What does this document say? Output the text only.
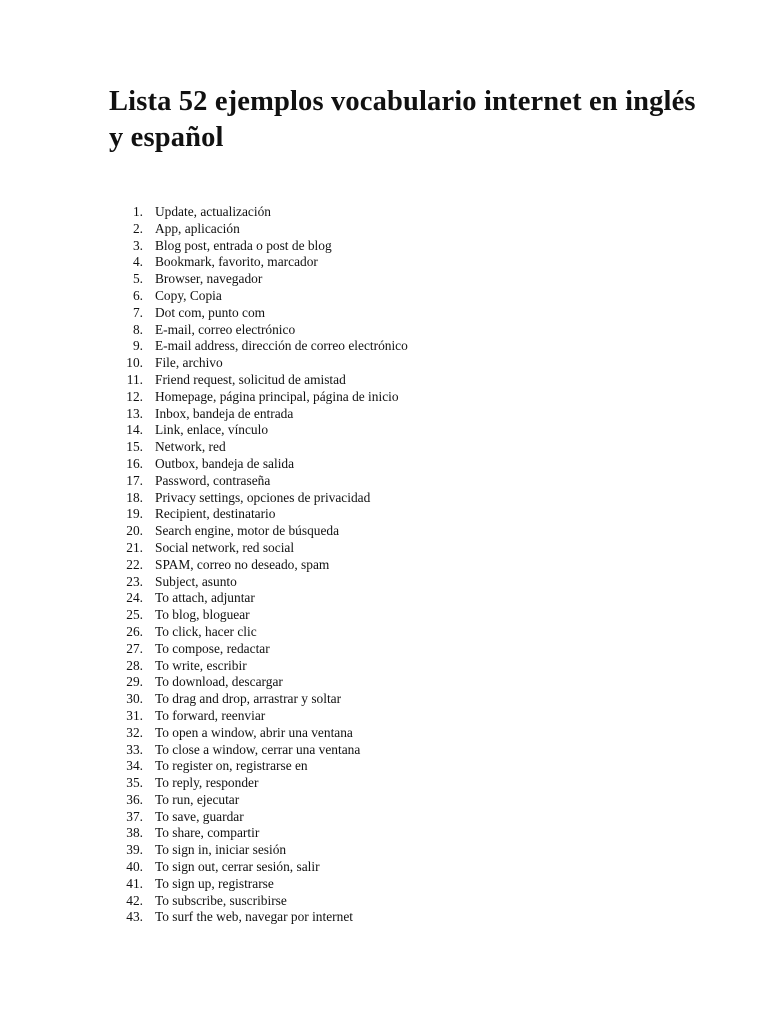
Lista 52 ejemplos vocabulario internet en inglés y español
1. Update, actualización
2. App, aplicación
3. Blog post, entrada o post de blog
4. Bookmark, favorito, marcador
5. Browser, navegador
6. Copy, Copia
7. Dot com, punto com
8. E-mail, correo electrónico
9. E-mail address, dirección de correo electrónico
10. File, archivo
11. Friend request, solicitud de amistad
12. Homepage, página principal, página de inicio
13. Inbox, bandeja de entrada
14. Link, enlace, vínculo
15. Network, red
16. Outbox, bandeja de salida
17. Password, contraseña
18. Privacy settings, opciones de privacidad
19. Recipient, destinatario
20. Search engine, motor de búsqueda
21. Social network, red social
22. SPAM, correo no deseado, spam
23. Subject, asunto
24. To attach, adjuntar
25. To blog, bloguear
26. To click, hacer clic
27. To compose, redactar
28. To write, escribir
29. To download, descargar
30. To drag and drop, arrastrar y soltar
31. To forward, reenviar
32. To open a window, abrir una ventana
33. To close a window, cerrar una ventana
34. To register on, registrarse en
35. To reply, responder
36. To run, ejecutar
37. To save, guardar
38. To share, compartir
39. To sign in, iniciar sesión
40. To sign out, cerrar sesión, salir
41. To sign up, registrarse
42. To subscribe, suscribirse
43. To surf the web, navegar por internet
